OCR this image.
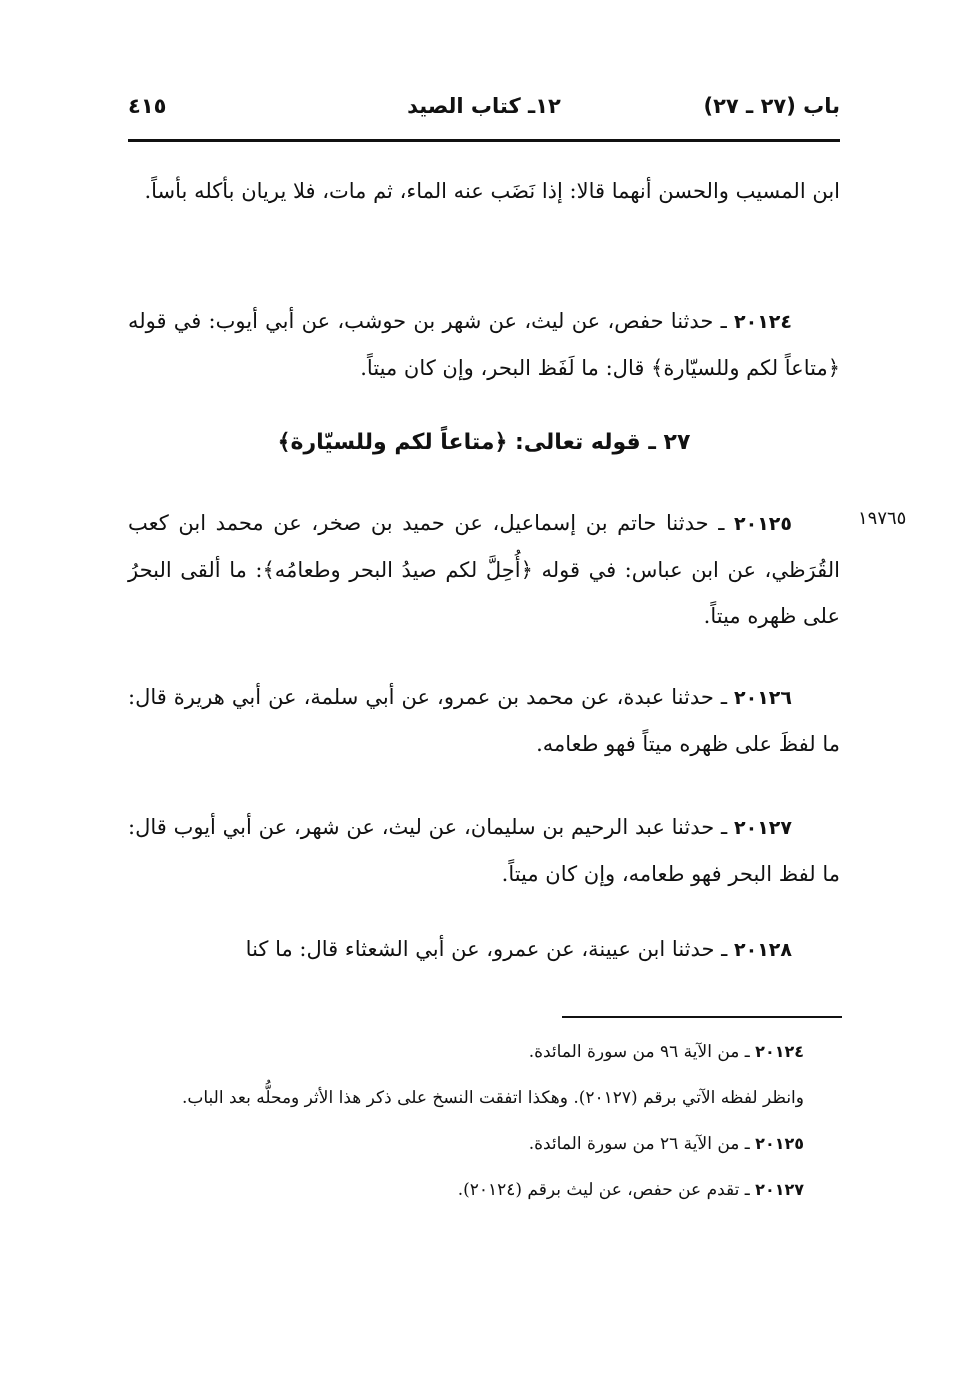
باب (٢٧ ـ ٢٧)
١٢ـ كتاب الصيد
٤١٥

ابن المسيب والحسن أنهما قالا: إذا نَضَب عنه الماء، ثم مات، فلا يريان بأكله بأساً.

٢٠١٢٤ ـ حدثنا حفص، عن ليث، عن شهر بن حوشب، عن أبي أيوب: في قوله ﴿متاعاً لكم وللسيّارة﴾ قال: ما لَفَظ البحر، وإن كان ميتاً.

٢٧ ـ قوله تعالى: ﴿متاعاً لكم وللسيّارة﴾
١٩٧٦٥

٢٠١٢٥ ـ حدثنا حاتم بن إسماعيل، عن حميد بن صخر، عن محمد ابن كعب القُرَظي، عن ابن عباس: في قوله ﴿أُحِلَّ لكم صيدُ البحر وطعامُه﴾: ما ألقى البحرُ على ظهره ميتاً.

٢٠١٢٦ ـ حدثنا عبدة، عن محمد بن عمرو، عن أبي سلمة، عن أبي هريرة قال: ما لفظَ على ظهره ميتاً فهو طعامه.

٢٠١٢٧ ـ حدثنا عبد الرحيم بن سليمان، عن ليث، عن شهر، عن أبي أيوب قال: ما لفظ البحر فهو طعامه، وإن كان ميتاً.

٢٠١٢٨ ـ حدثنا ابن عيينة، عن عمرو، عن أبي الشعثاء قال: ما كنا

٢٠١٢٤ ـ من الآية ٩٦ من سورة المائدة.

وانظر لفظه الآتي برقم (٢٠١٢٧). وهكذا اتفقت النسخ على ذكر هذا الأثر ومحلُّه بعد الباب.

٢٠١٢٥ ـ من الآية ٢٦ من سورة المائدة.

٢٠١٢٧ ـ تقدم عن حفص، عن ليث برقم (٢٠١٢٤).
